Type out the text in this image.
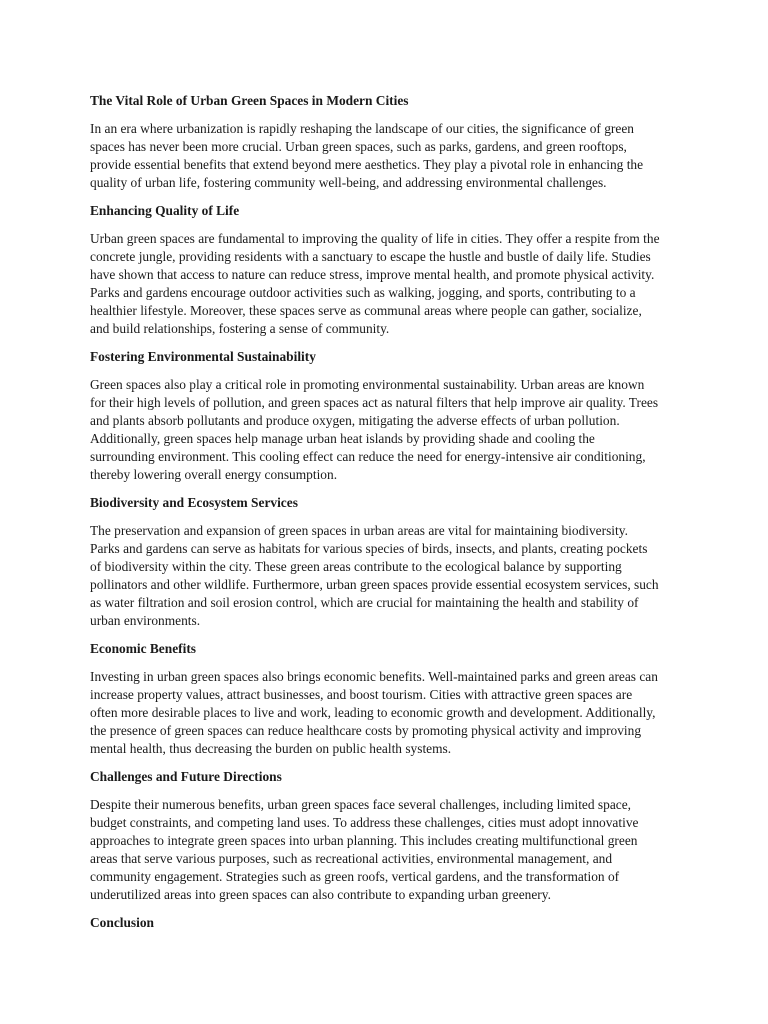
The Vital Role of Urban Green Spaces in Modern Cities
In an era where urbanization is rapidly reshaping the landscape of our cities, the significance of green
spaces has never been more crucial. Urban green spaces, such as parks, gardens, and green rooftops,
provide essential benefits that extend beyond mere aesthetics. They play a pivotal role in enhancing the
quality of urban life, fostering community well-being, and addressing environmental challenges.
Enhancing Quality of Life
Urban green spaces are fundamental to improving the quality of life in cities. They offer a respite from the
concrete jungle, providing residents with a sanctuary to escape the hustle and bustle of daily life. Studies
have shown that access to nature can reduce stress, improve mental health, and promote physical activity.
Parks and gardens encourage outdoor activities such as walking, jogging, and sports, contributing to a
healthier lifestyle. Moreover, these spaces serve as communal areas where people can gather, socialize,
and build relationships, fostering a sense of community.
Fostering Environmental Sustainability
Green spaces also play a critical role in promoting environmental sustainability. Urban areas are known
for their high levels of pollution, and green spaces act as natural filters that help improve air quality. Trees
and plants absorb pollutants and produce oxygen, mitigating the adverse effects of urban pollution.
Additionally, green spaces help manage urban heat islands by providing shade and cooling the
surrounding environment. This cooling effect can reduce the need for energy-intensive air conditioning,
thereby lowering overall energy consumption.
Biodiversity and Ecosystem Services
The preservation and expansion of green spaces in urban areas are vital for maintaining biodiversity.
Parks and gardens can serve as habitats for various species of birds, insects, and plants, creating pockets
of biodiversity within the city. These green areas contribute to the ecological balance by supporting
pollinators and other wildlife. Furthermore, urban green spaces provide essential ecosystem services, such
as water filtration and soil erosion control, which are crucial for maintaining the health and stability of
urban environments.
Economic Benefits
Investing in urban green spaces also brings economic benefits. Well-maintained parks and green areas can
increase property values, attract businesses, and boost tourism. Cities with attractive green spaces are
often more desirable places to live and work, leading to economic growth and development. Additionally,
the presence of green spaces can reduce healthcare costs by promoting physical activity and improving
mental health, thus decreasing the burden on public health systems.
Challenges and Future Directions
Despite their numerous benefits, urban green spaces face several challenges, including limited space,
budget constraints, and competing land uses. To address these challenges, cities must adopt innovative
approaches to integrate green spaces into urban planning. This includes creating multifunctional green
areas that serve various purposes, such as recreational activities, environmental management, and
community engagement. Strategies such as green roofs, vertical gardens, and the transformation of
underutilized areas into green spaces can also contribute to expanding urban greenery.
Conclusion
